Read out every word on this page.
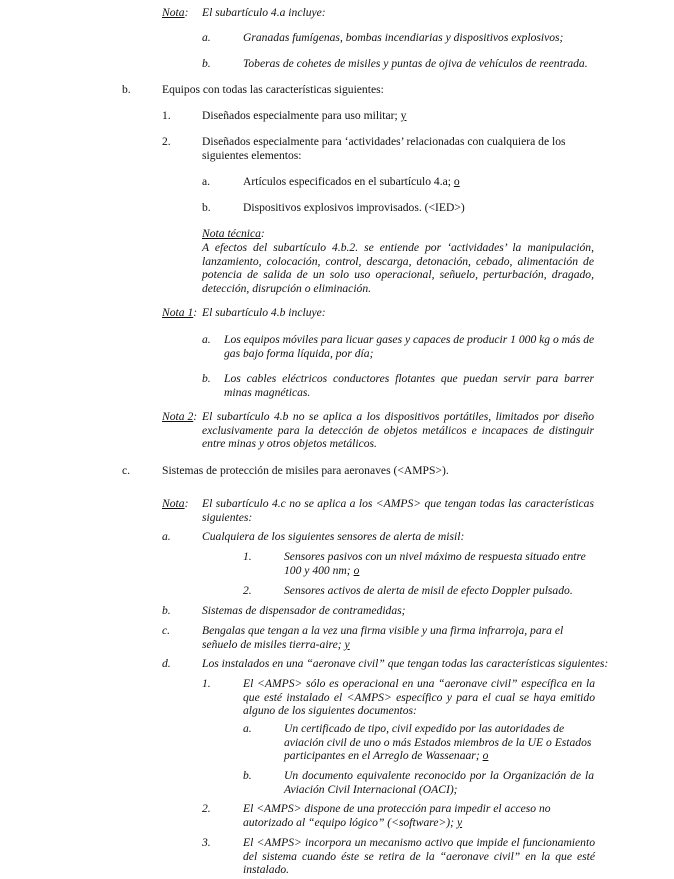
Nota: El subartículo 4.a incluye:
a.	Granadas fumígenas, bombas incendiarias y dispositivos explosivos;
b.	Toberas de cohetes de misiles y puntas de ojiva de vehículos de reentrada.
b.	Equipos con todas las características siguientes:
1.	Diseñados especialmente para uso militar; y
2.	Diseñados especialmente para ‘actividades’ relacionadas con cualquiera de los siguientes elementos:
a.	Artículos especificados en el subartículo 4.a; o
b.	Dispositivos explosivos improvisados. (<IED>)
Nota técnica:

A efectos del subartículo 4.b.2. se entiende por ‘actividades’ la manipulación, lanzamiento, colocación, control, descarga, detonación, cebado, alimentación de potencia de salida de un solo uso operacional, señuelo, perturbación, dragado, detección, disrupción o eliminación.

Nota 1: El subartículo 4.b incluye:
a. Los equipos móviles para licuar gases y capaces de producir 1 000 kg o más de gas bajo forma líquida, por día;

b. Los cables eléctricos conductores flotantes que puedan servir para barrer minas magnéticas.

Nota 2: El subartículo 4.b no se aplica a los dispositivos portátiles, limitados por diseño exclusivamente para la detección de objetos metálicos e incapaces de distinguir entre minas y otros objetos metálicos.

c.	Sistemas de protección de misiles para aeronaves (<AMPS>).
Nota: El subartículo 4.c no se aplica a los <AMPS> que tengan todas las características siguientes:

a.	Cualquiera de los siguientes sensores de alerta de misil:
1.	Sensores pasivos con un nivel máximo de respuesta situado entre 100 y 400 nm; o

2.	Sensores activos de alerta de misil de efecto Doppler pulsado.
b.	Sistemas de dispensador de contramedidas;
c.	Bengalas que tengan a la vez una firma visible y una firma infrarroja, para el señuelo de misiles tierra-aire; y

d.	Los instalados en una “aeronave civil” que tengan todas las características siguientes:
1.	El <AMPS> sólo es operacional en una “aeronave civil” específica en la que esté instalado el <AMPS> específico y para el cual se haya emitido alguno de los siguientes documentos:

a.	Un certificado de tipo, civil expedido por las autoridades de aviación civil de uno o más Estados miembros de la UE o Estados participantes en el Arreglo de Wassenaar; o

b.	Un documento equivalente reconocido por la Organización de la Aviación Civil Internacional (OACI);

2.	El <AMPS> dispone de una protección para impedir el acceso no autorizado al “equipo lógico” (<software>); y

3.	El <AMPS> incorpora un mecanismo activo que impide el funcionamiento del sistema cuando éste se retira de la “aeronave civil” en la que esté instalado.
